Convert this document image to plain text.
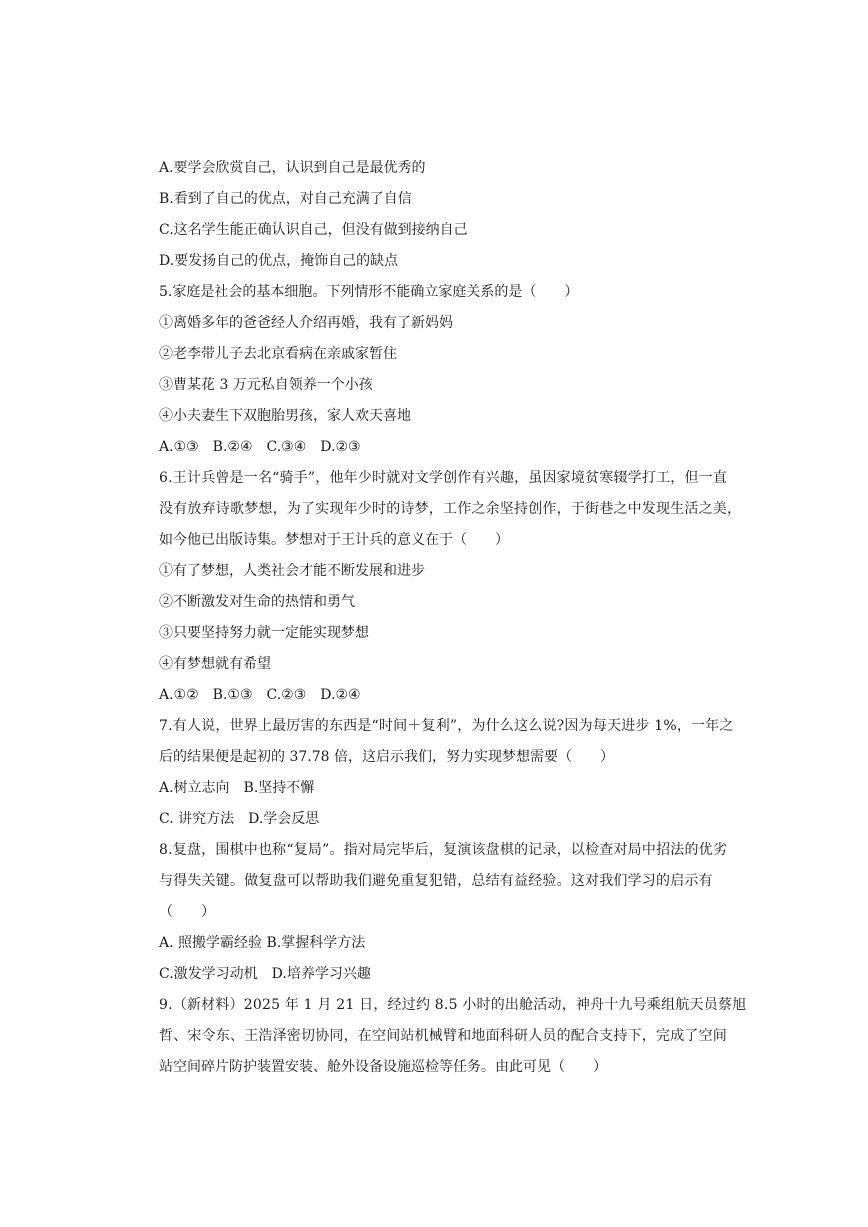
A.要学会欣赏自己，认识到自己是最优秀的
B.看到了自己的优点，对自己充满了自信
C.这名学生能正确认识自己，但没有做到接纳自己
D.要发扬自己的优点，掩饰自己的缺点
5.家庭是社会的基本细胞。下列情形不能确立家庭关系的是（　　）
①离婚多年的爸爸经人介绍再婚，我有了新妈妈
②老李带儿子去北京看病在亲戚家暂住
③曹某花 3 万元私自领养一个小孩
④小夫妻生下双胞胎男孩，家人欢天喜地
A.①③　B.②④　C.③④　D.②③
6.王计兵曾是一名“骑手”，他年少时就对文学创作有兴趣，虽因家境贫寒辍学打工，但一直
没有放弃诗歌梦想，为了实现年少时的诗梦，工作之余坚持创作，于街巷之中发现生活之美，
如今他已出版诗集。梦想对于王计兵的意义在于（　　）
①有了梦想，人类社会才能不断发展和进步
②不断激发对生命的热情和勇气
③只要坚持努力就一定能实现梦想
④有梦想就有希望
A.①②　B.①③　C.②③　D.②④
7.有人说，世界上最厉害的东西是“时间＋复利”，为什么这么说?因为每天进步 1%，一年之
后的结果便是起初的 37.78 倍，这启示我们，努力实现梦想需要（　　）
A.树立志向　B.坚持不懈
C. 讲究方法　D.学会反思
8.复盘，围棋中也称“复局”。指对局完毕后，复演该盘棋的记录，以检查对局中招法的优劣
与得失关键。做复盘可以帮助我们避免重复犯错，总结有益经验。这对我们学习的启示有
（　　）
A. 照搬学霸经验 B.掌握科学方法
C.激发学习动机　D.培养学习兴趣
9.（新材料）2025 年 1 月 21 日，经过约 8.5 小时的出舱活动，神舟十九号乘组航天员蔡旭
哲、宋令东、王浩泽密切协同，在空间站机械臂和地面科研人员的配合支持下，完成了空间
站空间碎片防护装置安装、舱外设备设施巡检等任务。由此可见（　　）
